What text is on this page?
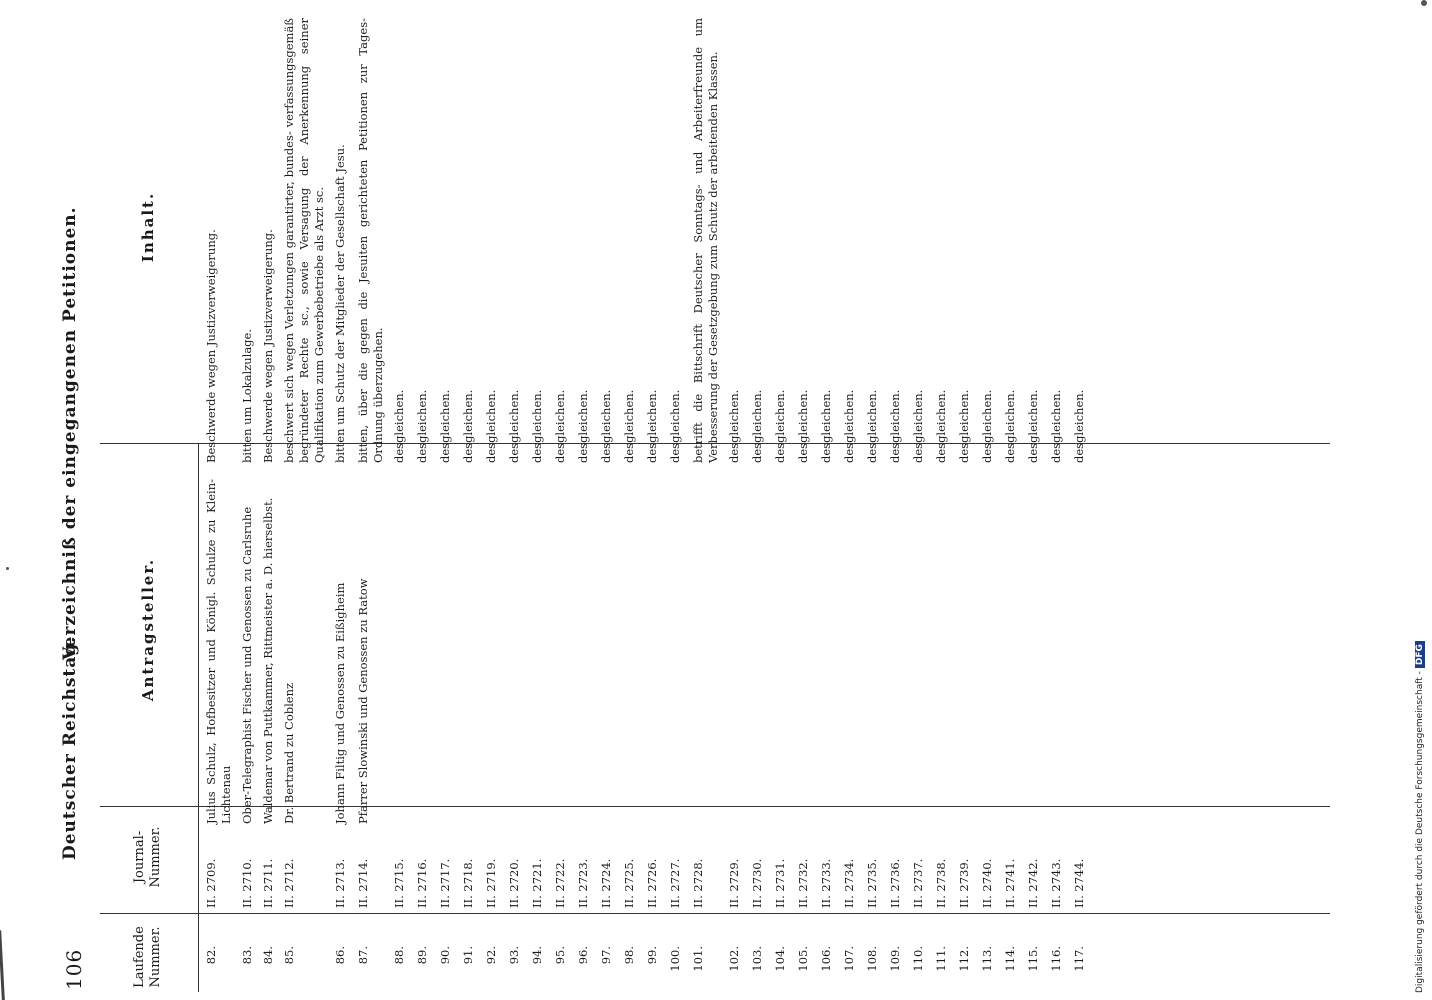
106
Deutscher Reichstag.
Verzeichniß der eingegangenen Petitionen.
Laufende Nummer.
Journal-Nummer.
Antragsteller.
Inhalt.
82.
II. 2709.
Julius Schulz, Hofbesitzer und Königl. Schulze zu Klein-Lichtenau
Beschwerde wegen Justizverweigerung.
83.
II. 2710.
Ober-Telegraphist Fischer und Genossen zu Carlsruhe
bitten um Lokalzulage.
84.
II. 2711.
Waldemar von Puttkammer, Rittmeister a. D. hierselbst.
Beschwerde wegen Justizverweigerung.
85.
II. 2712.
Dr. Bertrand zu Coblenz
beschwert sich wegen Verletzungen garantirter, bundes- verfassungsgemäß begründeter Rechte sc., sowie Versagung der Anerkennung seiner Qualifikation zum Gewerbebetriebe als Arzt sc.
86.
II. 2713.
Johann Filtig und Genossen zu Eißigheim
bitten um Schutz der Mitglieder der Gesellschaft Jesu.
87.
II. 2714.
Pfarrer Slowinski und Genossen zu Ratow
bitten, über die gegen die Jesuiten gerichteten Petitionen zur Tages-Ordnung überzugehen.
88.
II. 2715.
desgleichen.
89.
II. 2716.
desgleichen.
90.
II. 2717.
desgleichen.
91.
II. 2718.
desgleichen.
92.
II. 2719.
desgleichen.
93.
II. 2720.
desgleichen.
94.
II. 2721.
desgleichen.
95.
II. 2722.
desgleichen.
96.
II. 2723.
desgleichen.
97.
II. 2724.
desgleichen.
98.
II. 2725.
desgleichen.
99.
II. 2726.
desgleichen.
100.
II. 2727.
desgleichen.
101.
II. 2728.
betrifft die Bittschrift Deutscher Sonntags- und Arbeiterfreunde um Verbesserung der Gesetzgebung zum Schutz der arbeitenden Klassen.
102.
II. 2729.
desgleichen.
103.
II. 2730.
desgleichen.
104.
II. 2731.
desgleichen.
105.
II. 2732.
desgleichen.
106.
II. 2733.
desgleichen.
107.
II. 2734.
desgleichen.
108.
II. 2735.
desgleichen.
109.
II. 2736.
desgleichen.
110.
II. 2737.
desgleichen.
111.
II. 2738.
desgleichen.
112.
II. 2739.
desgleichen.
113.
II. 2740.
desgleichen.
114.
II. 2741.
desgleichen.
115.
II. 2742.
desgleichen.
116.
II. 2743.
desgleichen.
117.
II. 2744.
desgleichen.
Digitalisierung gefördert durch die Deutsche Forschungsgemeinschaft -DFG
